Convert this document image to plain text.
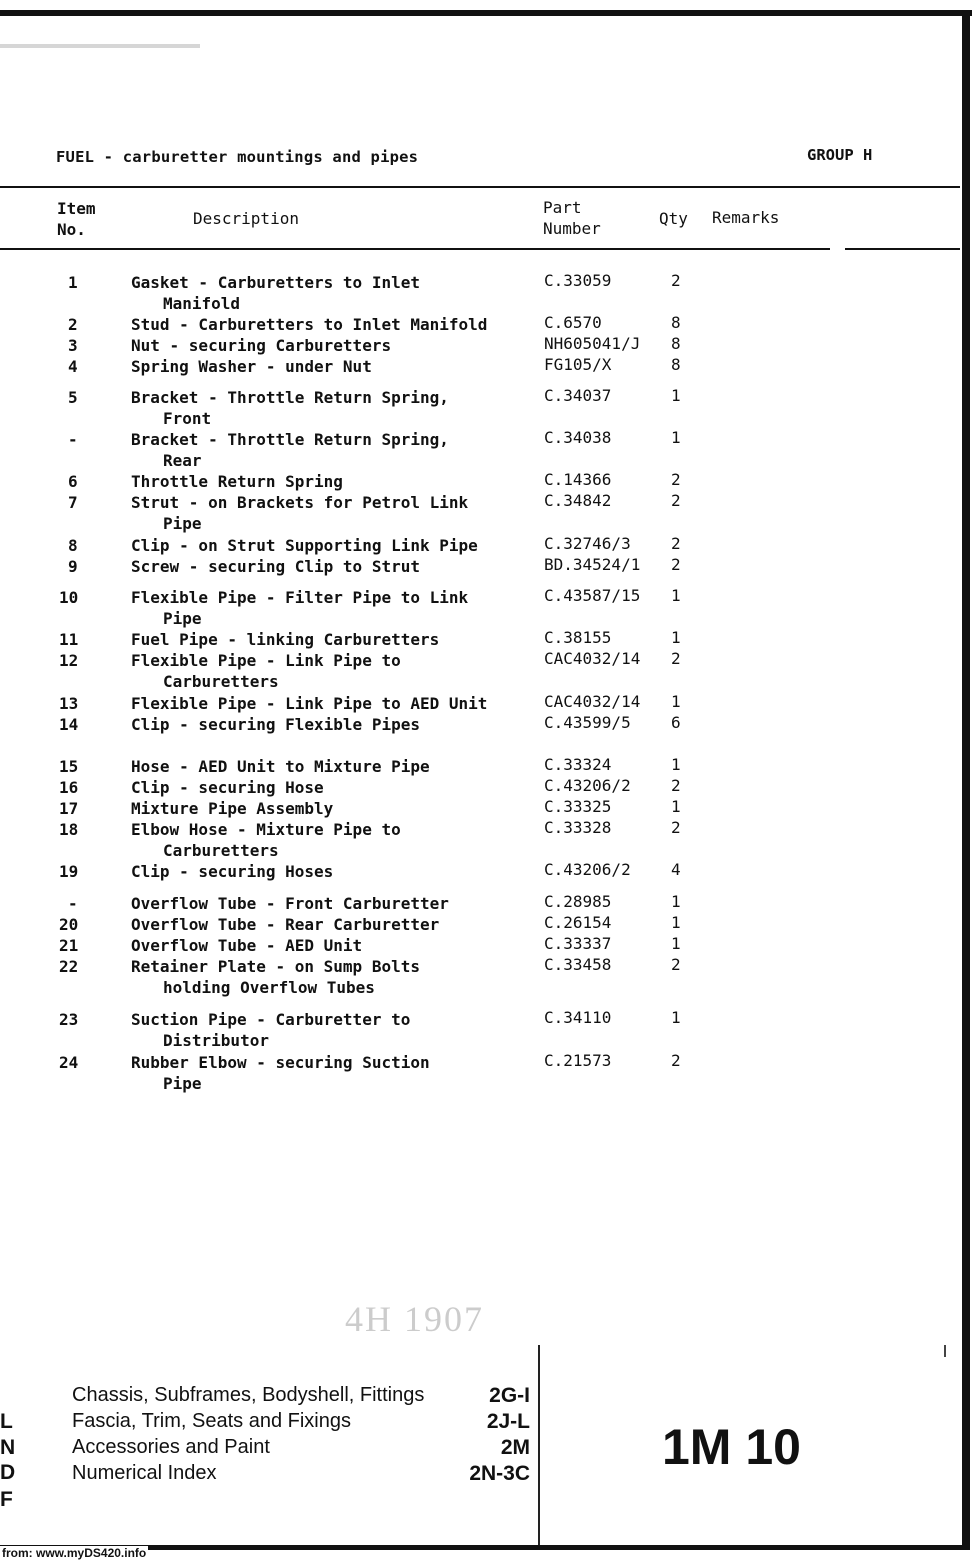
FUEL - carburetter mountings and pipes	GROUP H
Item
No.
Description
Part
Number
Qty Remarks
1	Gasket - Carburetters to Inlet
Manifold
C.33059	2
2	Stud - Carburetters to Inlet Manifold	C.6570	8
3	Nut - securing Carburetters	NH605041/J 8
4	Spring Washer - under Nut	FG105/X	8
5	Bracket - Throttle Return Spring,
Front
C.34037	1
-	Bracket - Throttle Return Spring,
Rear
C.34038	1
6	Throttle Return Spring	C.14366	2
7	Strut - on Brackets for Petrol Link
Pipe
C.34842	2
8	Clip - on Strut Supporting Link Pipe	C.32746/3	2
9	Screw - securing Clip to Strut	BD.34524/1 2
10	Flexible Pipe - Filter Pipe to Link
Pipe
C.43587/15 1
11	Fuel Pipe - linking Carburetters	C.38155	1
12	Flexible Pipe - Link Pipe to
Carburetters
CAC4032/14 2
13	Flexible Pipe - Link Pipe to AED Unit	CAC4032/14 1
14	Clip - securing Flexible Pipes	C.43599/5	6
15	Hose - AED Unit to Mixture Pipe	C.33324	1
16	Clip - securing Hose	C.43206/2	2
17	Mixture Pipe Assembly	C.33325	1
18	Elbow Hose - Mixture Pipe to
Carburetters
C.33328	2
19	Clip - securing Hoses	C.43206/2	4
-	Overflow Tube - Front Carburetter	C.28985	1
20	Overflow Tube - Rear Carburetter	C.26154	1
21	Overflow Tube - AED Unit	C.33337	1
22	Retainer Plate - on Sump Bolts
holding Overflow Tubes
C.33458	2
23	Suction Pipe - Carburetter to
Distributor
C.34110	1
24	Rubber Elbow - securing Suction
Pipe
C.21573	2
4H 1907
Chassis, Subframes, Bodyshell, Fittings	2G-I
Fascia, Trim, Seats and Fixings	2J-L
Accessories and Paint	2M
Numerical Index	2N-3C
L
N
D
F
1M 10
from: www.myDS420.info
